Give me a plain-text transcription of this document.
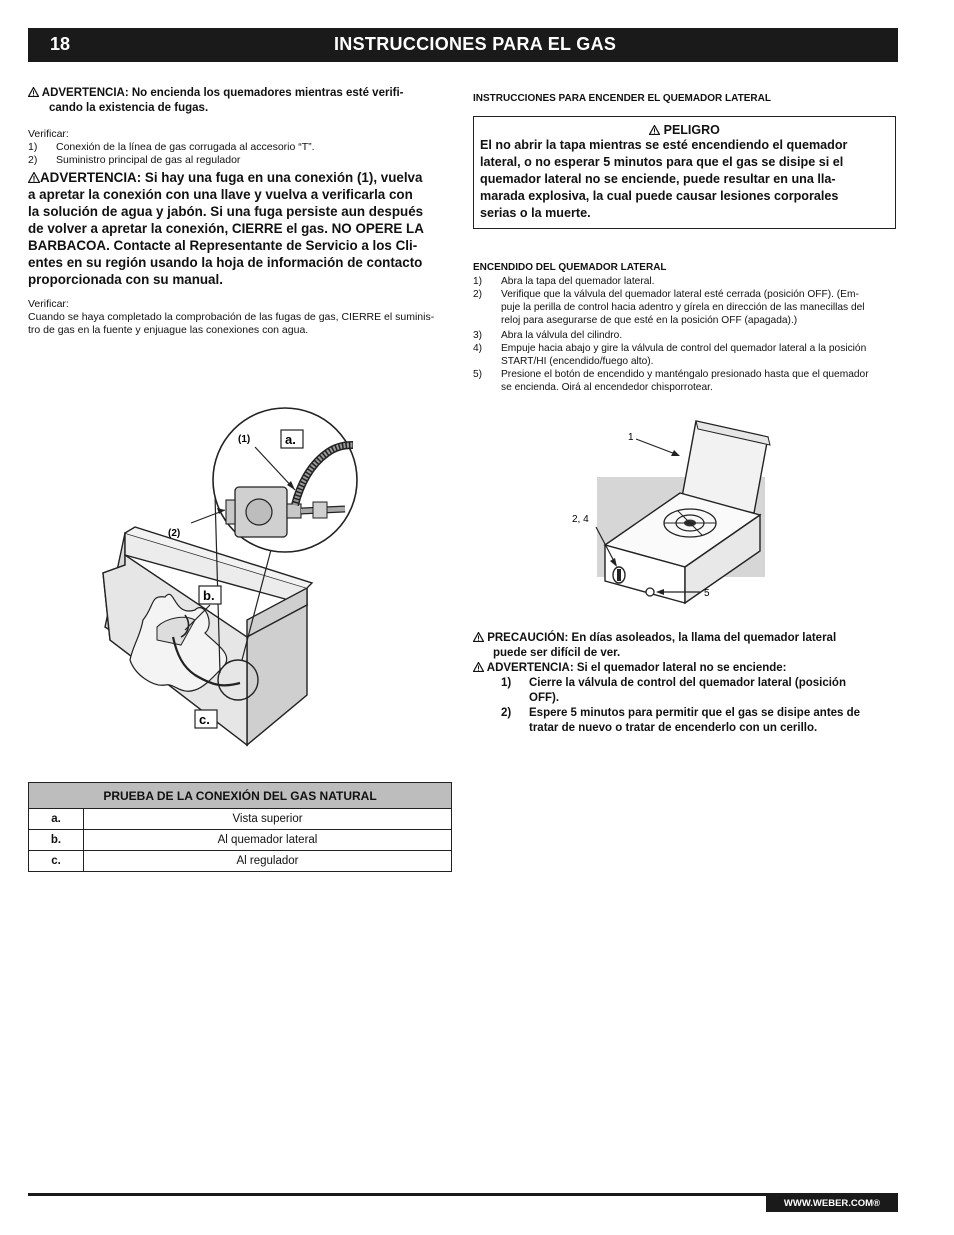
18	INSTRUCCIONES PARA EL GAS
ADVERTENCIA: No encienda los quemadores mientras esté verifi-
cando la existencia de fugas.
Verificar:
1)	Conexión de la línea de gas corrugada al accesorio “T”.
2)	Suministro principal de gas al regulador
ADVERTENCIA: Si hay una fuga en una conexión (1), vuelva
a apretar la conexión con una llave y vuelva a verificarla con
la solución de agua y jabón. Si una fuga persiste aun después
de volver a apretar la conexión, CIERRE el gas. NO OPERE LA
BARBACOA. Contacte al Representante de Servicio a los Cli-
entes en su región usando la hoja de información de contacto
proporcionada con su manual.
Verificar:
Cuando se haya completado la comprobación de las fugas de gas, CIERRE el suminis-
tro de gas en la fuente y enjuague las conexiones con agua.
(1)	a.
(2)
b.
c.
PRUEBA DE LA CONEXIÓN DEL GAS NATURAL	
a.	Vista superior
b.	Al quemador lateral
c.	Al regulador
INSTRUCCIONES PARA ENCENDER EL QUEMADOR LATERAL
PELIGRO
El no abrir la tapa mientras se esté encendiendo el quemador
lateral, o no esperar 5 minutos para que el gas se disipe si el
quemador lateral no se enciende, puede resultar en una lla-
marada explosiva, la cual puede causar lesiones corporales
serias o la muerte.
ENCENDIDO DEL QUEMADOR LATERAL
1)	Abra la tapa del quemador lateral.
2)	Verifique que la válvula del quemador lateral esté cerrada (posición OFF). (Em-
puje la perilla de control hacia adentro y gírela en dirección de las manecillas del
reloj para asegurarse de que esté en la posición OFF (apagada).)
3)	Abra la válvula del cilindro.
4)	Empuje hacia abajo y gire la válvula de control del quemador lateral a la posición
START/HI (encendido/fuego alto).
5)	Presione el botón de encendido y manténgalo presionado hasta que el quemador
se encienda. Oirá al encendedor chisporrotear.
1
2, 4
5
PRECAUCIÓN: En días asoleados, la llama del quemador lateral
puede ser difícil de ver.
ADVERTENCIA: Si el quemador lateral no se enciende:
1)	Cierre la válvula de control del quemador lateral (posición
OFF).
2)	Espere 5 minutos para permitir que el gas se disipe antes de
tratar de nuevo o tratar de encenderlo con un cerillo.
WWW.WEBER.COM®
